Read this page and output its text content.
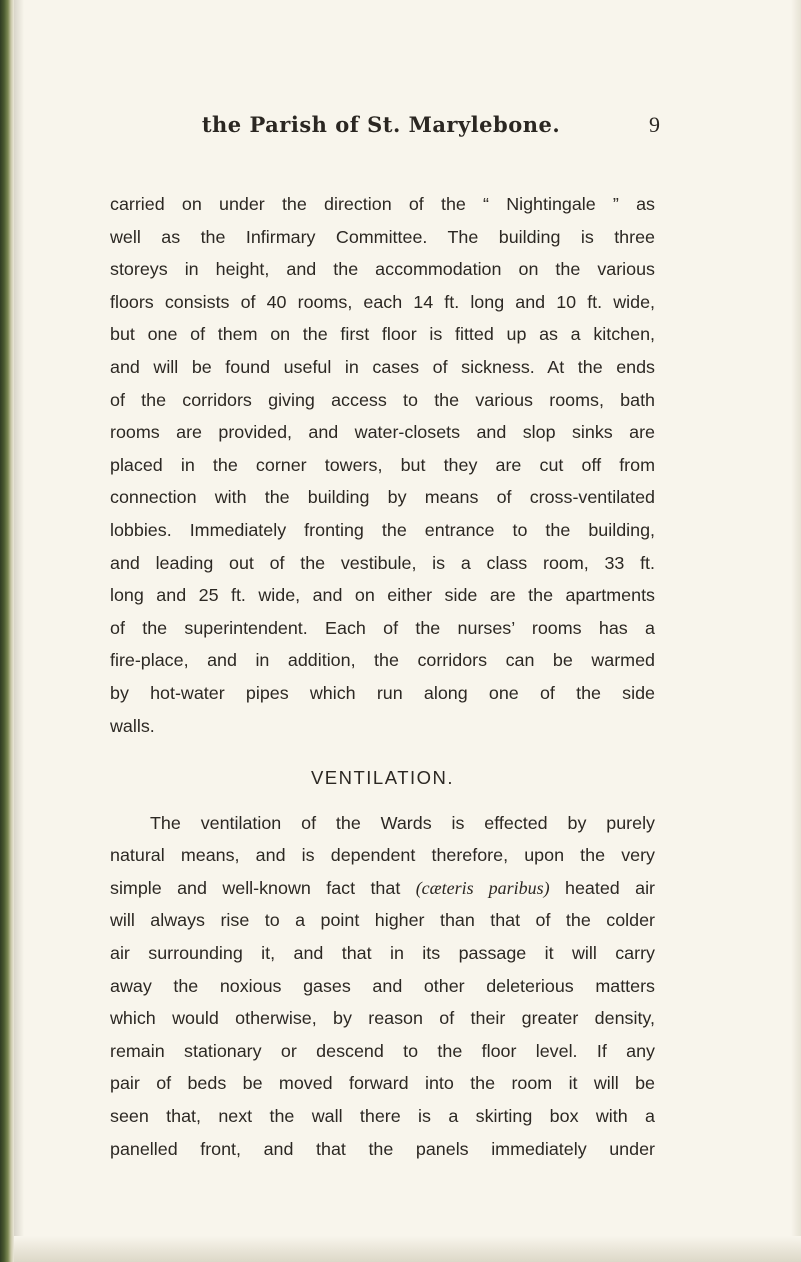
the Parish of St. Marylebone.	9
carried on under the direction of the “ Nightingale ” as
well as the Infirmary Committee. The building is three
storeys in height, and the accommodation on the various
floors consists of 40 rooms, each 14 ft. long and 10 ft. wide,
but one of them on the first floor is fitted up as a kitchen,
and will be found useful in cases of sickness. At the ends
of the corridors giving access to the various rooms, bath
rooms are provided, and water-closets and slop sinks are
placed in the corner towers, but they are cut off from
connection with the building by means of cross-ventilated
lobbies. Immediately fronting the entrance to the building,
and leading out of the vestibule, is a class room, 33 ft.
long and 25 ft. wide, and on either side are the apartments
of the superintendent. Each of the nurses’ rooms has a
fire-place, and in addition, the corridors can be warmed
by hot-water pipes which run along one of the side
walls.
VENTILATION.
The ventilation of the Wards is effected by purely
natural means, and is dependent therefore, upon the very
simple and well-known fact that (cæteris paribus) heated air
will always rise to a point higher than that of the colder
air surrounding it, and that in its passage it will carry
away the noxious gases and other deleterious matters
which would otherwise, by reason of their greater density,
remain stationary or descend to the floor level. If any
pair of beds be moved forward into the room it will be
seen that, next the wall there is a skirting box with a
panelled front, and that the panels immediately under
